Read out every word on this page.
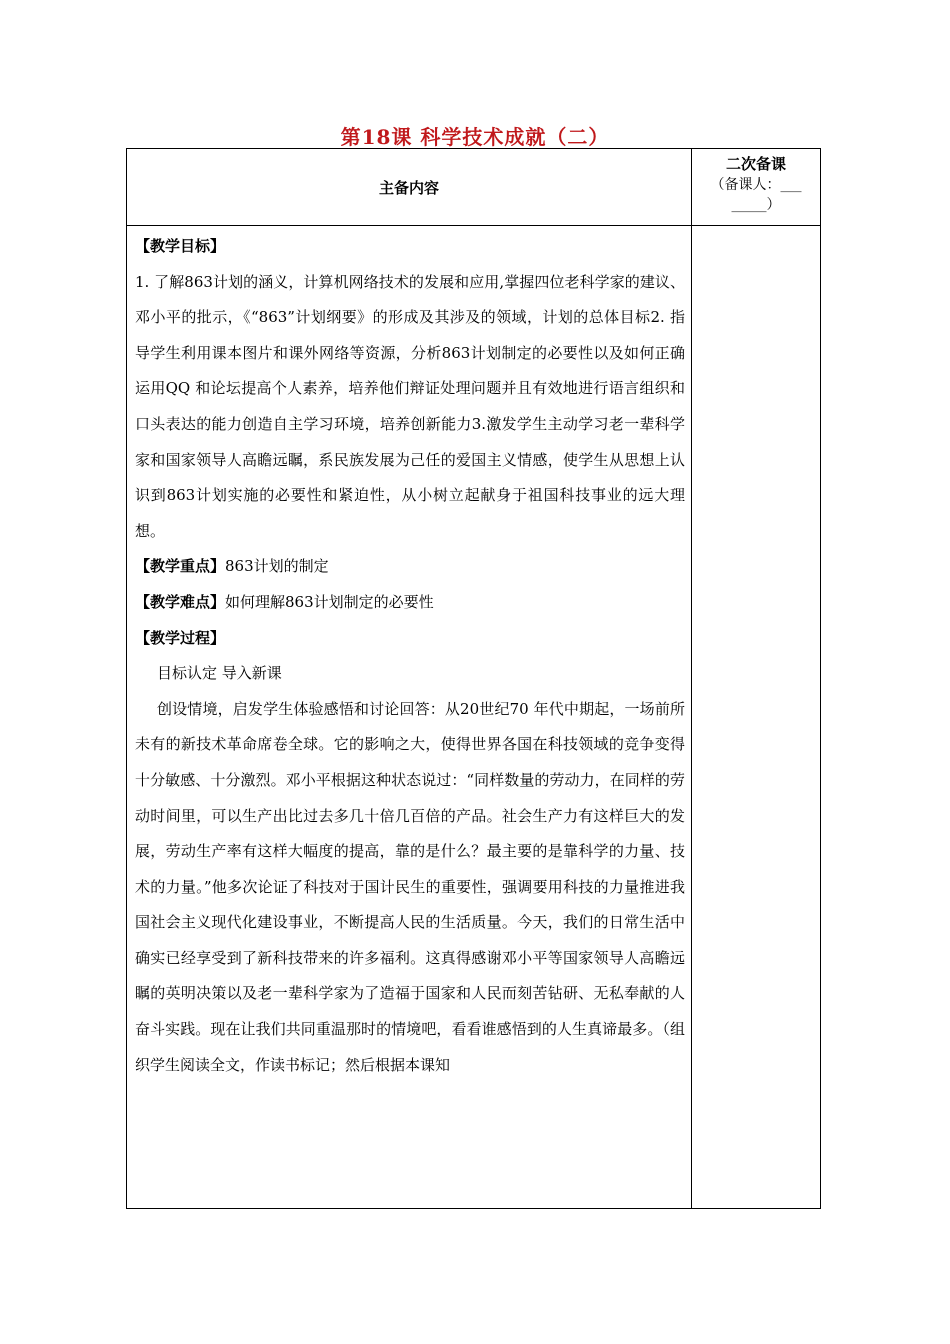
第18课 科学技术成就（二）
主备内容
二次备课
（备课人：___
_____）

【教学目标】

1. 了解863计划的涵义，计算机网络技术的发展和应用,掌握四位老科学家的建议、邓小平的批示，《“863”计划纲要》的形成及其涉及的领域，计划的总体目标2. 指导学生利用课本图片和课外网络等资源，分析863计划制定的必要性以及如何正确运用QQ 和论坛提高个人素养，培养他们辩证处理问题并且有效地进行语言组织和口头表达的能力创造自主学习环境，培养创新能力3.激发学生主动学习老一辈科学家和国家领导人高瞻远瞩，系民族发展为己任的爱国主义情感，使学生从思想上认识到863计划实施的必要性和紧迫性，从小树立起献身于祖国科技事业的远大理想。

【教学重点】863计划的制定

【教学难点】如何理解863计划制定的必要性

【教学过程】

目标认定 导入新课

创设情境，启发学生体验感悟和讨论回答：从20世纪70 年代中期起，一场前所未有的新技术革命席卷全球。它的影响之大，使得世界各国在科技领域的竞争变得十分敏感、十分激烈。邓小平根据这种状态说过：“同样数量的劳动力，在同样的劳动时间里，可以生产出比过去多几十倍几百倍的产品。社会生产力有这样巨大的发展，劳动生产率有这样大幅度的提高，靠的是什么？最主要的是靠科学的力量、技术的力量。”他多次论证了科技对于国计民生的重要性，强调要用科技的力量推进我国社会主义现代化建设事业，不断提高人民的生活质量。今天，我们的日常生活中确实已经享受到了新科技带来的许多福利。这真得感谢邓小平等国家领导人高瞻远瞩的英明决策以及老一辈科学家为了造福于国家和人民而刻苦钻研、无私奉献的人奋斗实践。现在让我们共同重温那时的情境吧，看看谁感悟到的人生真谛最多。（组织学生阅读全文，作读书标记；然后根据本课知
